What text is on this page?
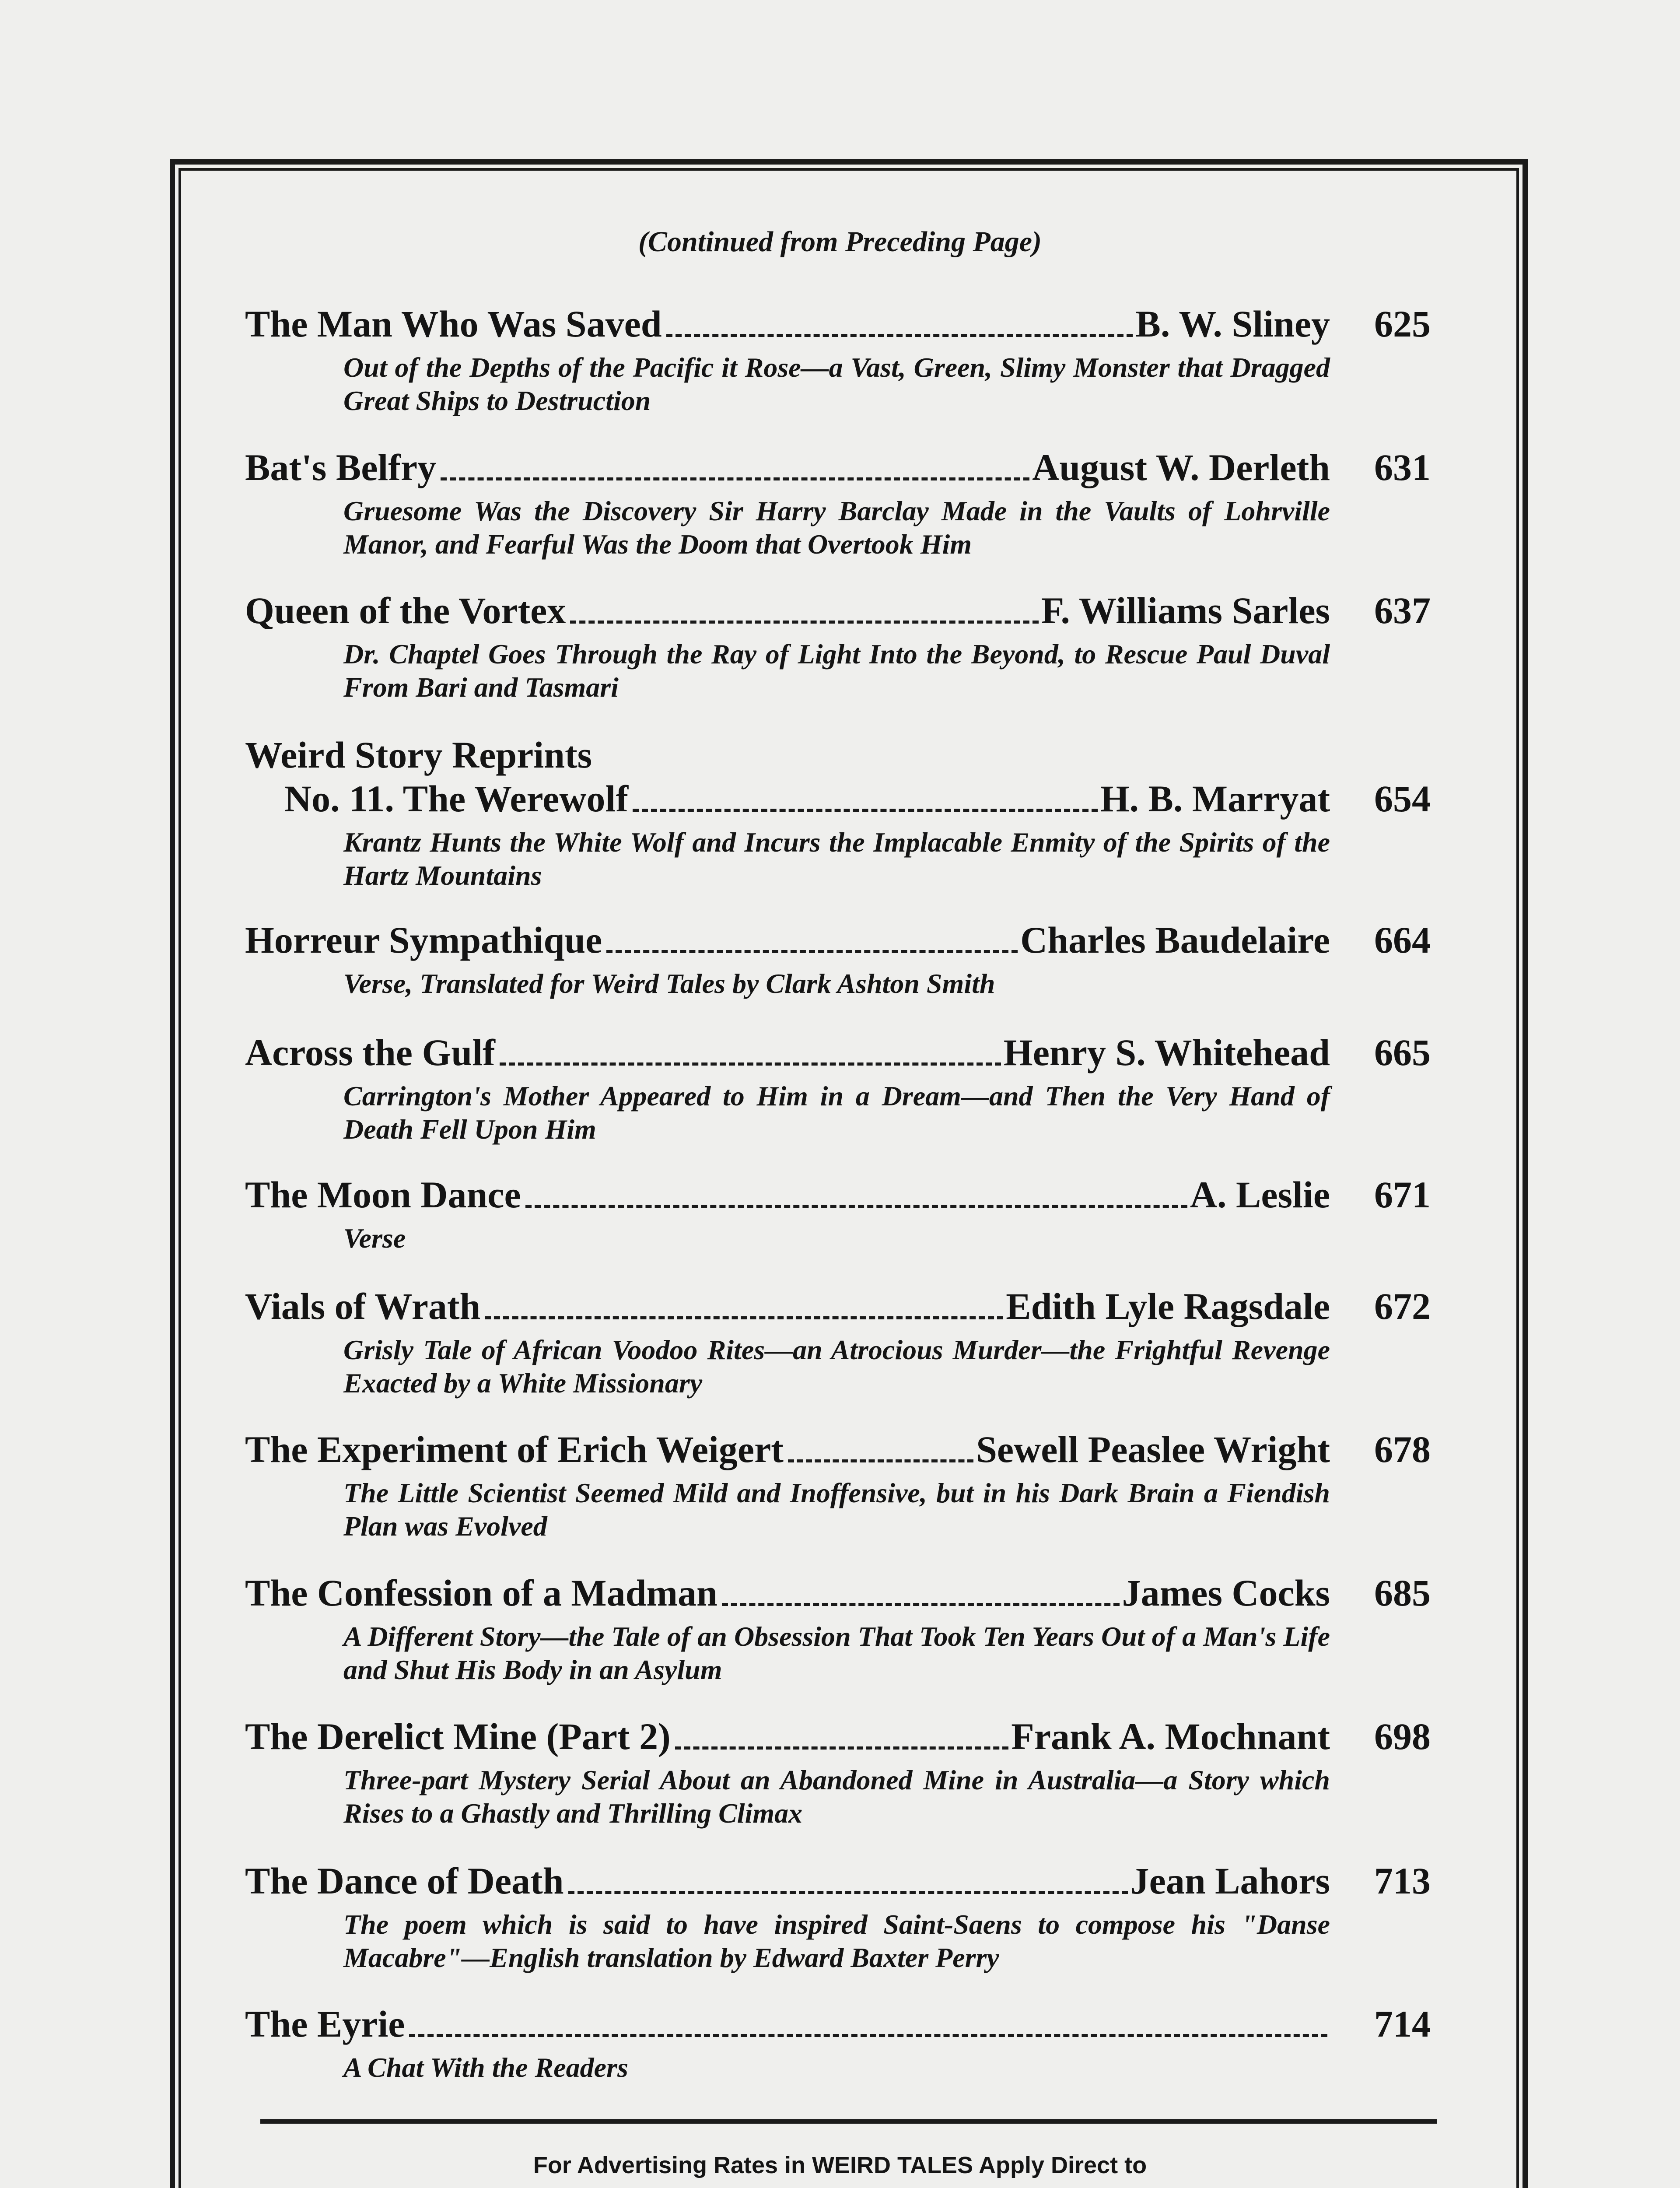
(Continued from Preceding Page)
The Man Who Was Saved	B. W. Sliney	625
Out of the Depths of the Pacific it Rose—a Vast, Green, Slimy Monster that Dragged Great Ships to Destruction
Bat's Belfry	August W. Derleth	631
Gruesome Was the Discovery Sir Harry Barclay Made in the Vaults of Lohrville Manor, and Fearful Was the Doom that Overtook Him
Queen of the Vortex	F. Williams Sarles	637
Dr. Chaptel Goes Through the Ray of Light Into the Beyond, to Rescue Paul Duval From Bari and Tasmari
Weird Story Reprints
No. 11. The Werewolf	H. B. Marryat	654
Krantz Hunts the White Wolf and Incurs the Implacable Enmity of the Spirits of the Hartz Mountains
Horreur Sympathique	Charles Baudelaire	664
Verse, Translated for Weird Tales by Clark Ashton Smith
Across the Gulf	Henry S. Whitehead	665
Carrington's Mother Appeared to Him in a Dream—and Then the Very Hand of Death Fell Upon Him
The Moon Dance	A. Leslie	671
Verse
Vials of Wrath	Edith Lyle Ragsdale	672
Grisly Tale of African Voodoo Rites—an Atrocious Murder—the Frightful Revenge Exacted by a White Missionary
The Experiment of Erich Weigert	Sewell Peaslee Wright	678
The Little Scientist Seemed Mild and Inoffensive, but in his Dark Brain a Fiendish Plan was Evolved
The Confession of a Madman	James Cocks	685
A Different Story—the Tale of an Obsession That Took Ten Years Out of a Man's Life and Shut His Body in an Asylum
The Derelict Mine (Part 2)	Frank A. Mochnant	698
Three-part Mystery Serial About an Abandoned Mine in Australia—a Story which Rises to a Ghastly and Thrilling Climax
The Dance of Death	Jean Lahors	713
The poem which is said to have inspired Saint-Saens to compose his "Danse Macabre"—English translation by Edward Baxter Perry
The Eyrie	714
A Chat With the Readers
For Advertising Rates in WEIRD TALES Apply Direct to
